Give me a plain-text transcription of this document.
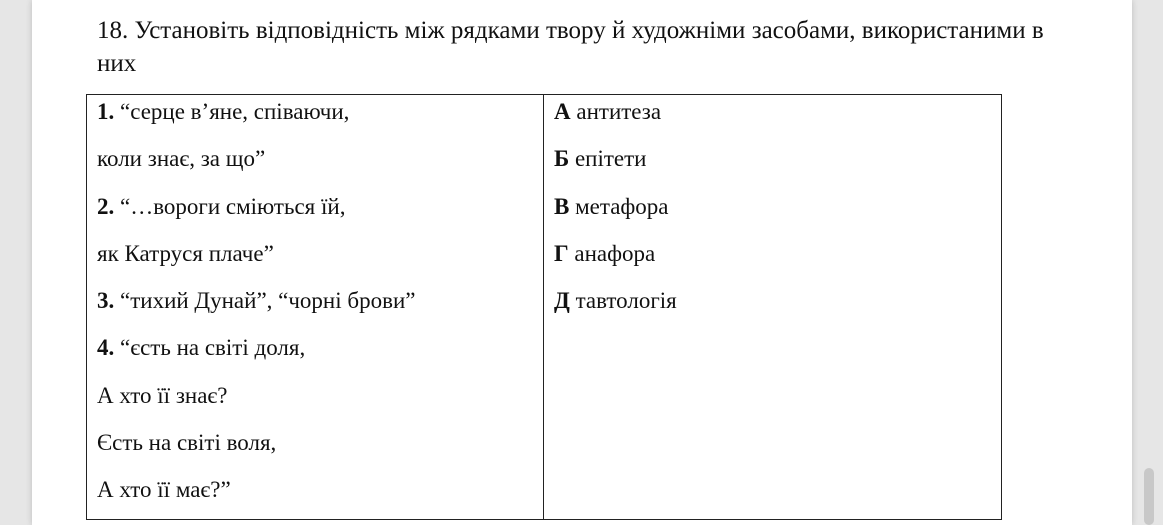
18. Установіть відповідність між рядками твору й художніми засобами, використаними в них

1. “серце в’яне, співаючи,
коли знає, за що”
2. “…вороги сміються їй,
як Катруся плаче”
3. “тихий Дунай”, “чорні брови”
4. “єсть на світі доля,
А хто її знає?
Єсть на світі воля,
А хто її має?”
А антитеза
Б епітети
В метафора
Г анафора
Д тавтологія
